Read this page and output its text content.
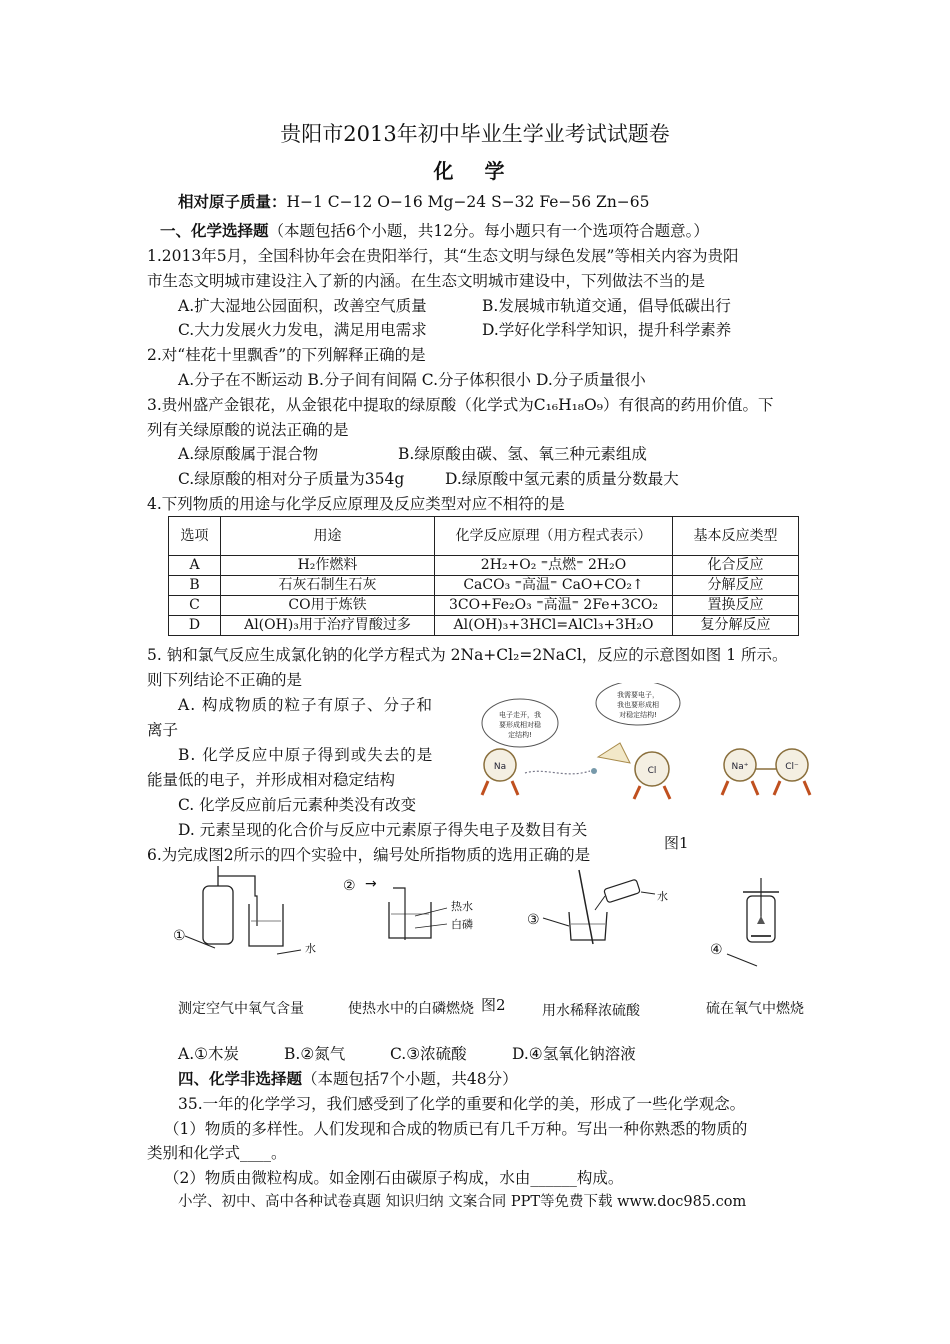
贵阳市2013年初中毕业生学业考试试题卷
化 学
相对原子质量：H−1 C−12 O−16 Mg−24 S−32 Fe−56 Zn−65
一、化学选择题（本题包括6个小题，共12分。每小题只有一个选项符合题意。）
1.2013年5月，全国科协年会在贵阳举行，其“生态文明与绿色发展”等相关内容为贵阳
市生态文明城市建设注入了新的内涵。在生态文明城市建设中，下列做法不当的是
A.扩大湿地公园面积，改善空气质量	B.发展城市轨道交通，倡导低碳出行
C.大力发展火力发电，满足用电需求	D.学好化学科学知识，提升科学素养
2.对“桂花十里飘香”的下列解释正确的是
A.分子在不断运动 B.分子间有间隔 C.分子体积很小 D.分子质量很小
3.贵州盛产金银花，从金银花中提取的绿原酸（化学式为C₁₆H₁₈O₉）有很高的药用价值。下
列有关绿原酸的说法正确的是
A.绿原酸属于混合物	B.绿原酸由碳、氢、氧三种元素组成
C.绿原酸的相对分子质量为354g	D.绿原酸中氢元素的质量分数最大
4.下列物质的用途与化学反应原理及反应类型对应不相符的是
选项	用途	化学反应原理（用方程式表示）	基本反应类型
A	H₂作燃料	2H₂+O₂ ⁼点燃⁼ 2H₂O	化合反应
B	石灰石制生石灰	CaCO₃ ⁼高温⁼ CaO+CO₂↑	分解反应
C	CO用于炼铁	3CO+Fe₂O₃ ⁼高温⁼ 2Fe+3CO₂	置换反应
D	Al(OH)₃用于治疗胃酸过多	Al(OH)₃+3HCl=AlCl₃+3H₂O	复分解反应
5. 钠和氯气反应生成氯化钠的化学方程式为 2Na+Cl₂=2NaCl，反应的示意图如图 1 所示。
则下列结论不正确的是
A. 构成物质的粒子有原子、分子和
离子
B. 化学反应中原子得到或失去的是
能量低的电子，并形成相对稳定结构
C. 化学反应前后元素种类没有改变
D. 元素呈现的化合价与反应中元素原子得失电子及数目有关
图1
电子走开，我
要形成相对稳
定结构!
我需要电子，
我也要形成相
对稳定结构!
Na	Cl	Na⁺	Cl⁻
6.为完成图2所示的四个实验中，编号处所指物质的选用正确的是
①
水
② →
热水
白磷	③
水
④
测定空气中氧气含量	使热水中的白磷燃烧 图2	用水稀释浓硫酸	硫在氧气中燃烧
A.①木炭	B.②氮气	C.③浓硫酸	D.④氢氧化钠溶液
四、化学非选择题（本题包括7个小题，共48分）
35.一年的化学学习，我们感受到了化学的重要和化学的美，形成了一些化学观念。
（1）物质的多样性。人们发现和合成的物质已有几千万种。写出一种你熟悉的物质的
类别和化学式____。
（2）物质由微粒构成。如金刚石由碳原子构成，水由______构成。
小学、初中、高中各种试卷真题 知识归纳 文案合同 PPT等免费下载 www.doc985.com
